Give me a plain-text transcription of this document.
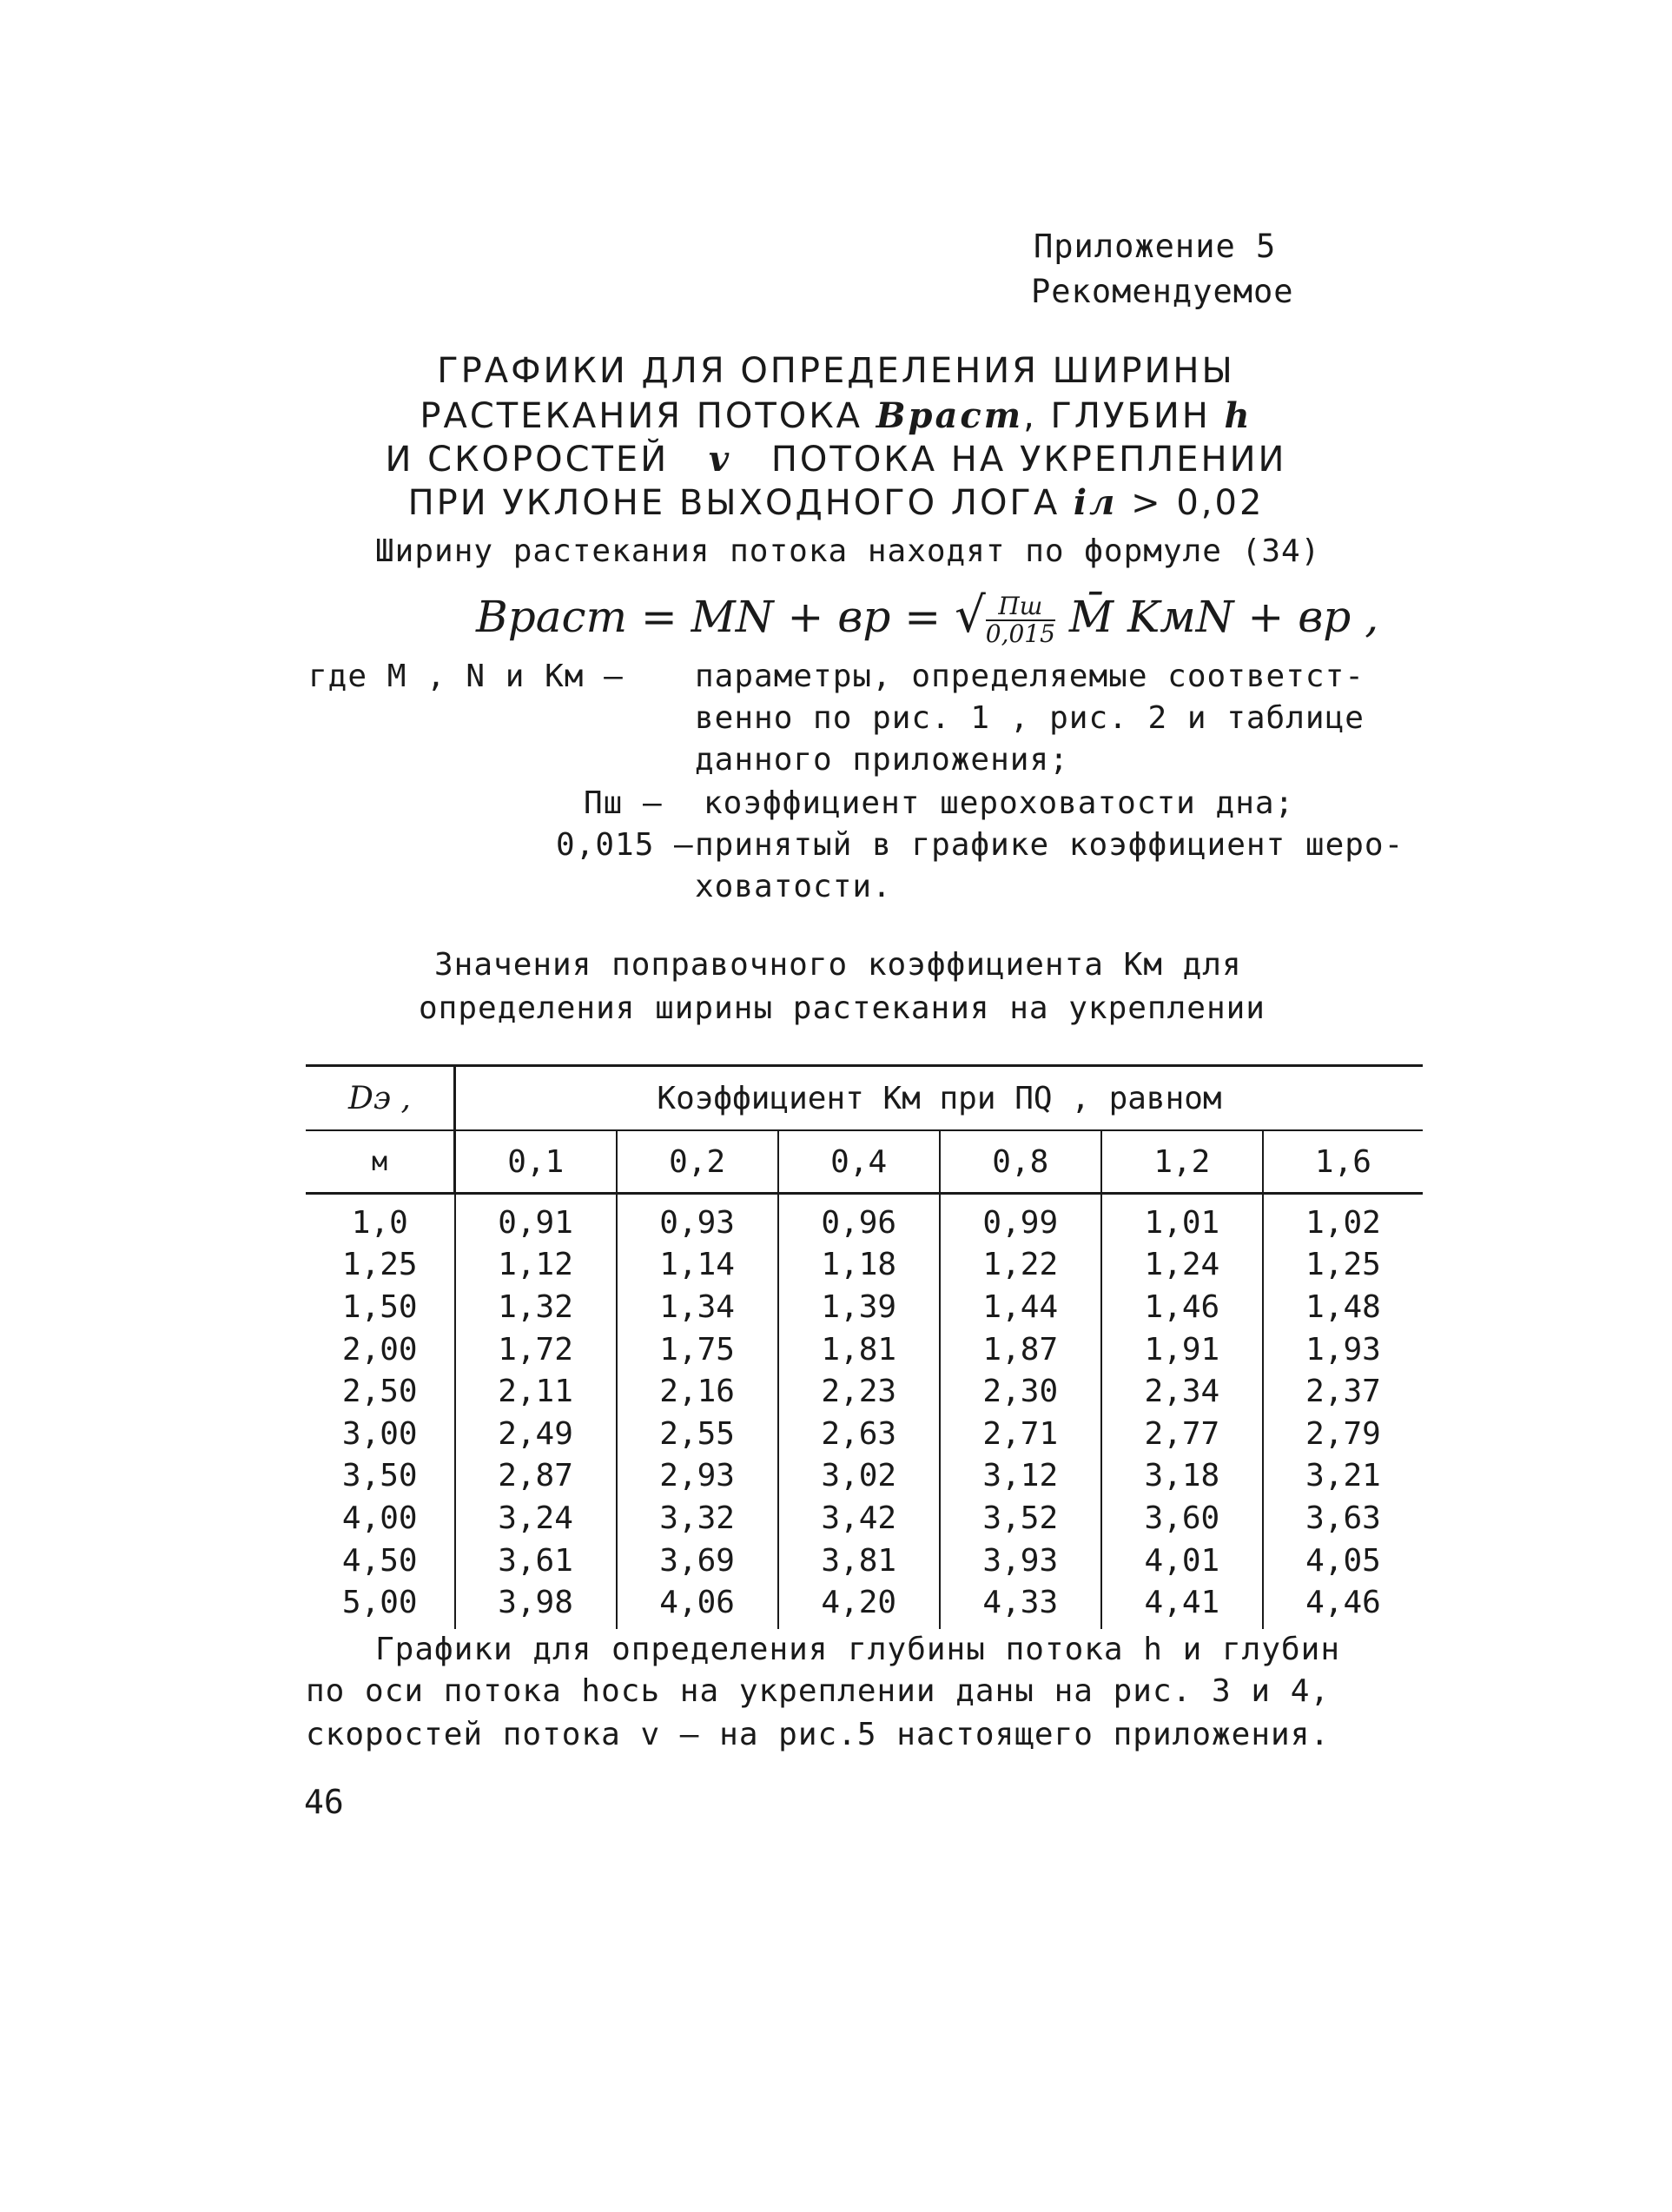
Приложение 5
Рекомендуемое
ГРАФИКИ ДЛЯ ОПРЕДЕЛЕНИЯ ШИРИНЫ
РАСТЕКАНИЯ ПОТОКА Враст, ГЛУБИН h
И СКОРОСТЕЙ v ПОТОКА НА УКРЕПЛЕНИИ
ПРИ УКЛОНЕ ВЫХОДНОГО ЛОГА iл > 0,02
Ширину растекания потока находят по формуле (34)
Враст = MN + вр = √ $\frac{Пш}{0,015}$ M̄ KмN + вр ,
где M , N и Kм – параметры, определяемые соответст-
венно по рис. 1 , рис. 2 и таблице
данного приложения;
Пш – коэффициент шероховатости дна;
0,015 – принятый в графике коэффициент шеро-
ховатости.
Значения поправочного коэффициента Kм для
определения ширины растекания на укреплении
Dэ ,	Коэффициент Kм при ПQ , равном					
м	0,1	0,2	0,4	0,8	1,2	1,6
1,0	0,91	0,93	0,96	0,99	1,01	1,02
1,25	1,12	1,14	1,18	1,22	1,24	1,25
1,50	1,32	1,34	1,39	1,44	1,46	1,48
2,00	1,72	1,75	1,81	1,87	1,91	1,93
2,50	2,11	2,16	2,23	2,30	2,34	2,37
3,00	2,49	2,55	2,63	2,71	2,77	2,79
3,50	2,87	2,93	3,02	3,12	3,18	3,21
4,00	3,24	3,32	3,42	3,52	3,60	3,63
4,50	3,61	3,69	3,81	3,93	4,01	4,05
5,00	3,98	4,06	4,20	4,33	4,41	4,46
Графики для определения глубины потока h и глубин
по оси потока hось на укреплении даны на рис. 3 и 4,
скоростей потока v – на рис.5 настоящего приложения.
46
